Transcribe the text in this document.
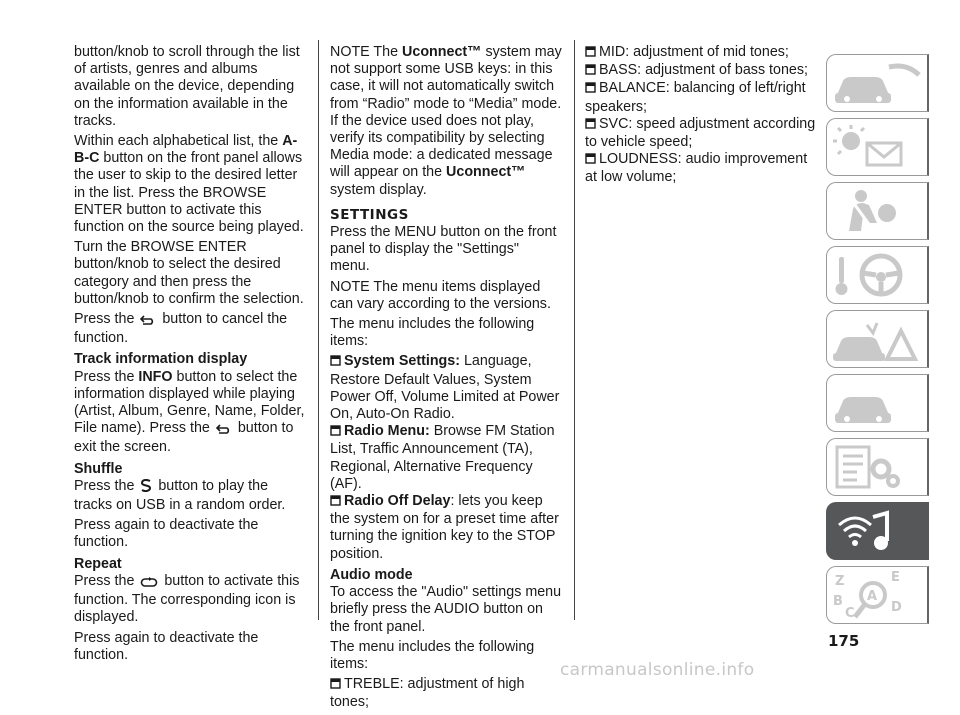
button/knob to scroll through the list of artists, genres and albums available on the device, depending on the information available in the tracks.

Within each alphabetical list, the A-B-C button on the front panel allows the user to skip to the desired letter in the list. Press the BROWSE ENTER button to activate this function on the source being played.

Turn the BROWSE ENTER button/knob to select the desired category and then press the button/knob to confirm the selection.

Press the  button to cancel the function.

Track information display

Press the INFO button to select the information displayed while playing (Artist, Album, Genre, Name, Folder, File name). Press the  button to exit the screen.

Shuffle

Press the  button to play the tracks on USB in a random order.

Press again to deactivate the function.

Repeat

Press the  button to activate this function. The corresponding icon is displayed.

Press again to deactivate the function.

NOTE The Uconnect™ system may not support some USB keys: in this case, it will not automatically switch from “Radio” mode to “Media” mode. If the device used does not play, verify its compatibility by selecting Media mode: a dedicated message will appear on the Uconnect™ system display.

SETTINGS

Press the MENU button on the front panel to display the "Settings" menu.

NOTE The menu items displayed can vary according to the versions.

The menu includes the following items:

System Settings: Language, Restore Default Values, System Power Off, Volume Limited at Power On, Auto-On Radio.

Radio Menu: Browse FM Station List, Traffic Announcement (TA), Regional, Alternative Frequency (AF).

Radio Off Delay: lets you keep the system on for a preset time after turning the ignition key to the STOP position.

Audio mode

To access the "Audio" settings menu briefly press the AUDIO button on the front panel.

The menu includes the following items:

TREBLE: adjustment of high tones;

MID: adjustment of mid tones;

BASS: adjustment of bass tones;

BALANCE: balancing of left/right speakers;

SVC: speed adjustment according to vehicle speed;

LOUDNESS: audio improvement at low volume;

Z	E
A
B
C	D
175
carmanualsonline.info
